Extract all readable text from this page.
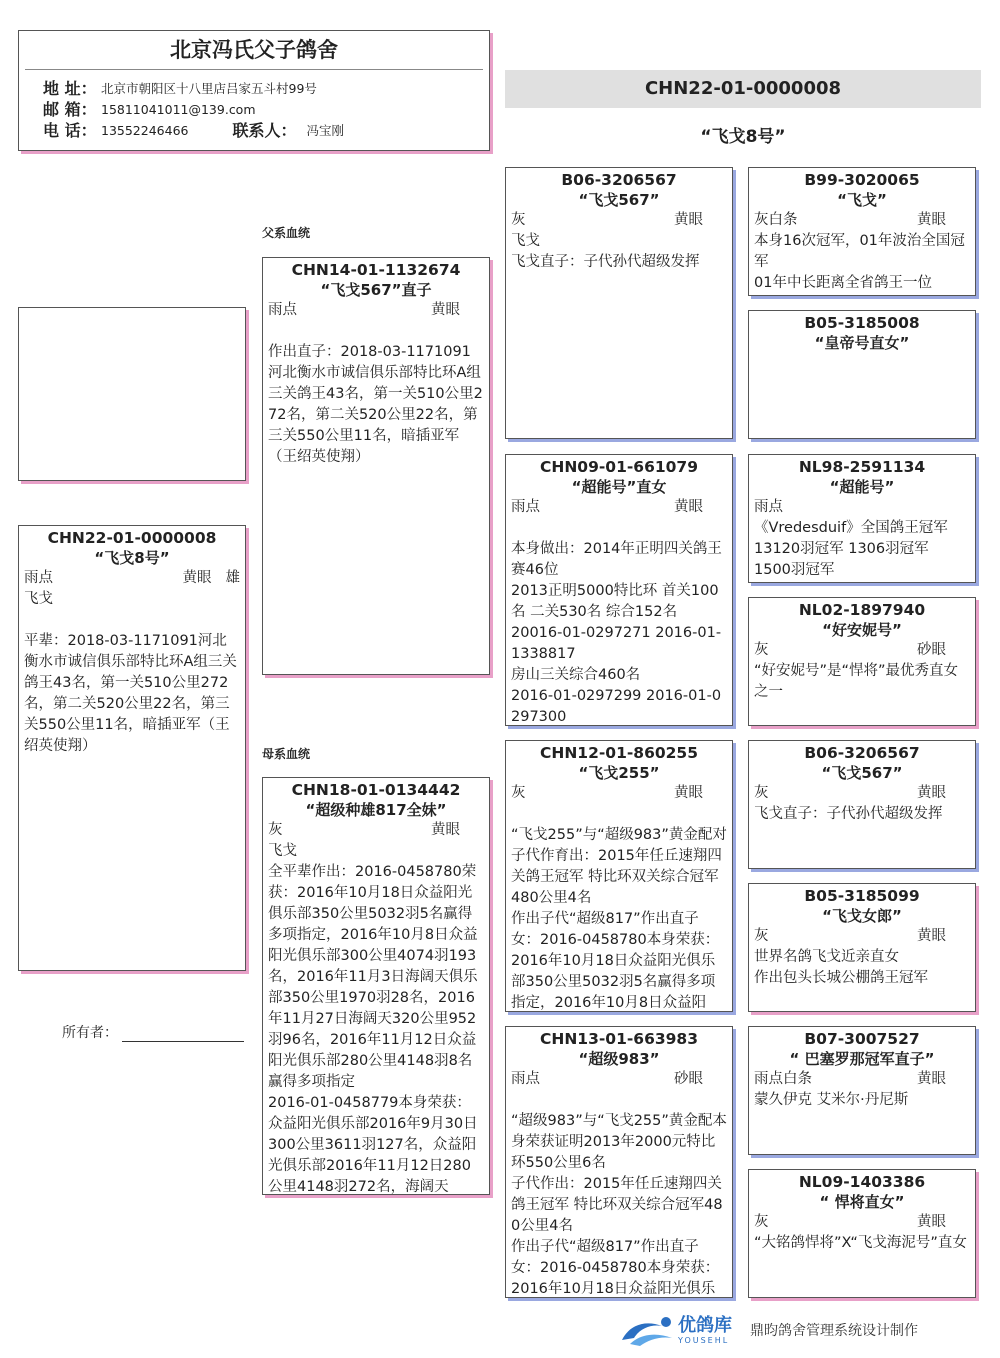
北京冯氏父子鸽舍
地 址： 北京市朝阳区十八里店吕家五斗村99号
邮 箱： 15811041011@139.com
电 话： 13552246466	联系人： 冯宝刚
CHN22-01-0000008
“飞戈8号”
CHN22-01-0000008
“飞戈8号”
雨点	黄眼 雄
飞戈
平辈：2018-03-1171091河北衡水市诚信俱乐部特比环A组三关鸽王43名，第一关510公里272名，第二关520公里22名，第三关550公里11名，暗插亚军（王绍英使翔）
所有者：
父系血统
母系血统
CHN14-01-1132674
“飞戈567”直子
雨点	黄眼
作出直子：2018-03-1171091河北衡水市诚信俱乐部特比环A组三关鸽王43名，第一关510公里272名，第二关520公里22名，第三关550公里11名，暗插亚军（王绍英使翔）
CHN18-01-0134442
“超级种雄817全妹”
灰	黄眼
飞戈
全平辈作出：2016-0458780荣获：2016年10月18日众益阳光俱乐部350公里5032羽5名赢得多项指定，2016年10月8日众益阳光俱乐部300公里4074羽193名，2016年11月3日海阔天俱乐部350公里1970羽28名，2016年11月27日海阔天320公里952羽96名，2016年11月12日众益阳光俱乐部280公里4148羽8名赢得多项指定
2016-01-0458779本身荣获：众益阳光俱乐部2016年9月30日300公里3611羽127名，众益阳光俱乐部2016年11月12日280公里4148羽272名，海阔天
B06-3206567
“飞戈567”
灰	黄眼
飞戈
飞戈直子：子代孙代超级发挥
CHN09-01-661079
“超能号”直女
雨点	黄眼
本身做出：2014年正明四关鸽王赛46位
2013正明5000特比环 首关100名 二关530名 综合152名
20016-01-0297271 2016-01-1338817
房山三关综合460名
2016-01-0297299 2016-01-0297300
CHN12-01-860255
“飞戈255”
灰	黄眼
“飞戈255”与“超级983”黄金配对子代作育出：2015年任丘速翔四关鸽王冠军 特比环双关综合冠军480公里4名
作出子代“超级817”作出直子女：2016-0458780本身荣获：2016年10月18日众益阳光俱乐部350公里5032羽5名赢得多项指定，2016年10月8日众益阳
CHN13-01-663983
“超级983”
雨点	砂眼
“超级983”与“飞戈255”黄金配本身荣获证明2013年2000元特比环550公里6名
子代作出：2015年任丘速翔四关鸽王冠军 特比环双关综合冠军480公里4名
作出子代“超级817”作出直子女：2016-0458780本身荣获：2016年10月18日众益阳光俱乐
B99-3020065
“飞戈”
灰白条	黄眼
本身16次冠军，01年波治全国冠军
01年中长距离全省鸽王一位
B05-3185008
“皇帝号直女”
NL98-2591134
“超能号”
雨点
《Vredesduif》全国鸽王冠军
13120羽冠军 1306羽冠军
1500羽冠军
NL02-1897940
“好安妮号”
灰	砂眼
“好安妮号”是“悍将”最优秀直女之一
B06-3206567
“飞戈567”
灰	黄眼
飞戈直子：子代孙代超级发挥
B05-3185099
“飞戈女郎”
灰	黄眼
世界名鸽飞戈近亲直女
作出包头长城公棚鸽王冠军
B07-3007527
“ 巴塞罗那冠军直子”
雨点白条	黄眼
蒙久伊克 艾米尔·丹尼斯
NL09-1403386
“ 悍将直女”
灰	黄眼
“大铭鸽悍将”X“飞戈海泥号”直女
优鸽库
YOUSEHL
鼎昀鸽舍管理系统设计制作
